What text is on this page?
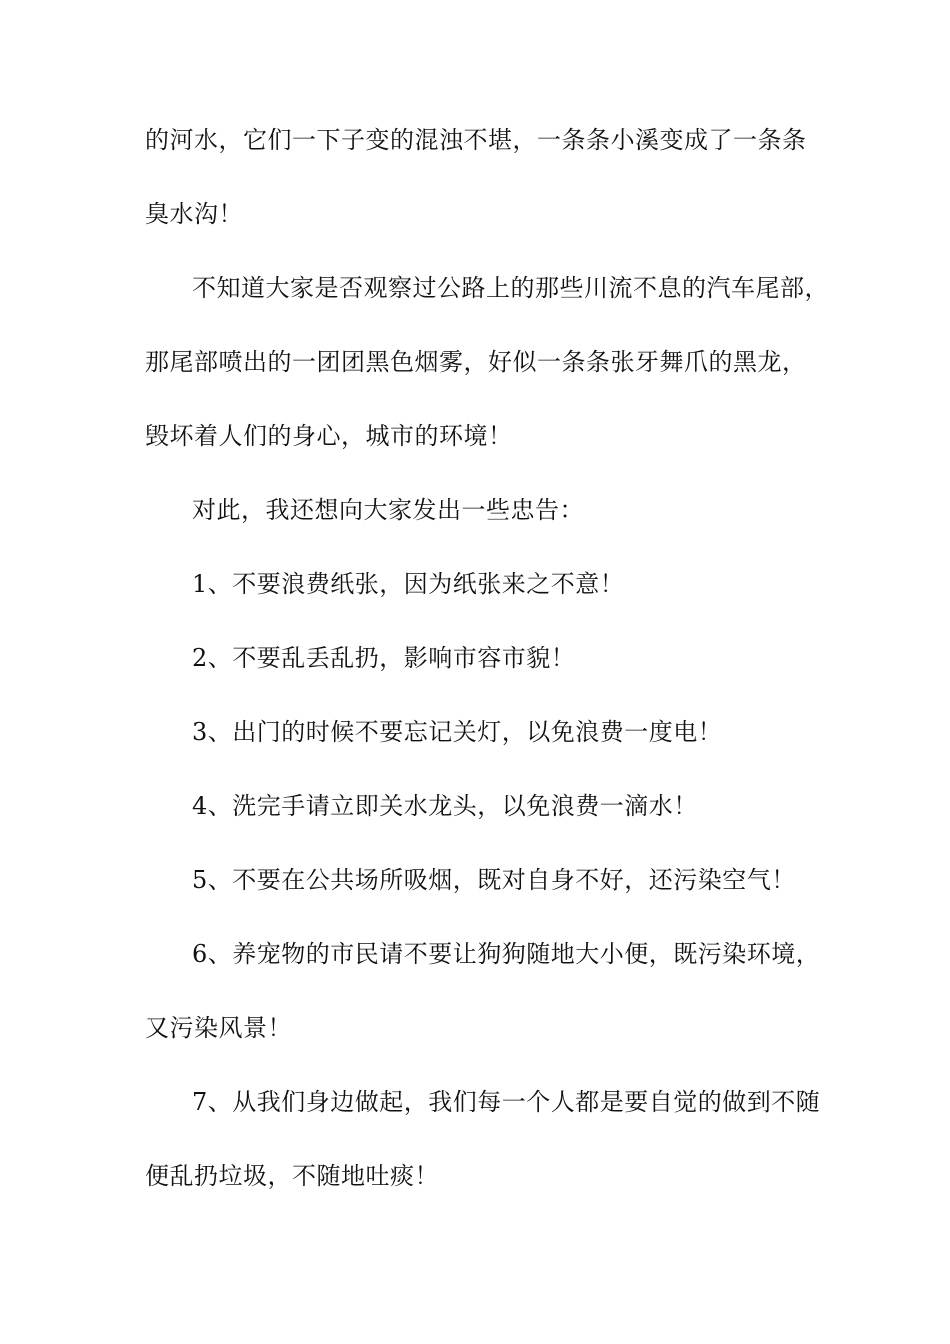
的河水，它们一下子变的混浊不堪，一条条小溪变成了一条条
臭水沟！
不知道大家是否观察过公路上的那些川流不息的汽车尾部，
那尾部喷出的一团团黑色烟雾，好似一条条张牙舞爪的黑龙，
毁坏着人们的身心，城市的环境！
对此，我还想向大家发出一些忠告：
1、不要浪费纸张，因为纸张来之不意！
2、不要乱丢乱扔，影响市容市貌！
3、出门的时候不要忘记关灯，以免浪费一度电！
4、洗完手请立即关水龙头，以免浪费一滴水！
5、不要在公共场所吸烟，既对自身不好，还污染空气！
6、养宠物的市民请不要让狗狗随地大小便，既污染环境，
又污染风景！
7、从我们身边做起，我们每一个人都是要自觉的做到不随
便乱扔垃圾，不随地吐痰！
